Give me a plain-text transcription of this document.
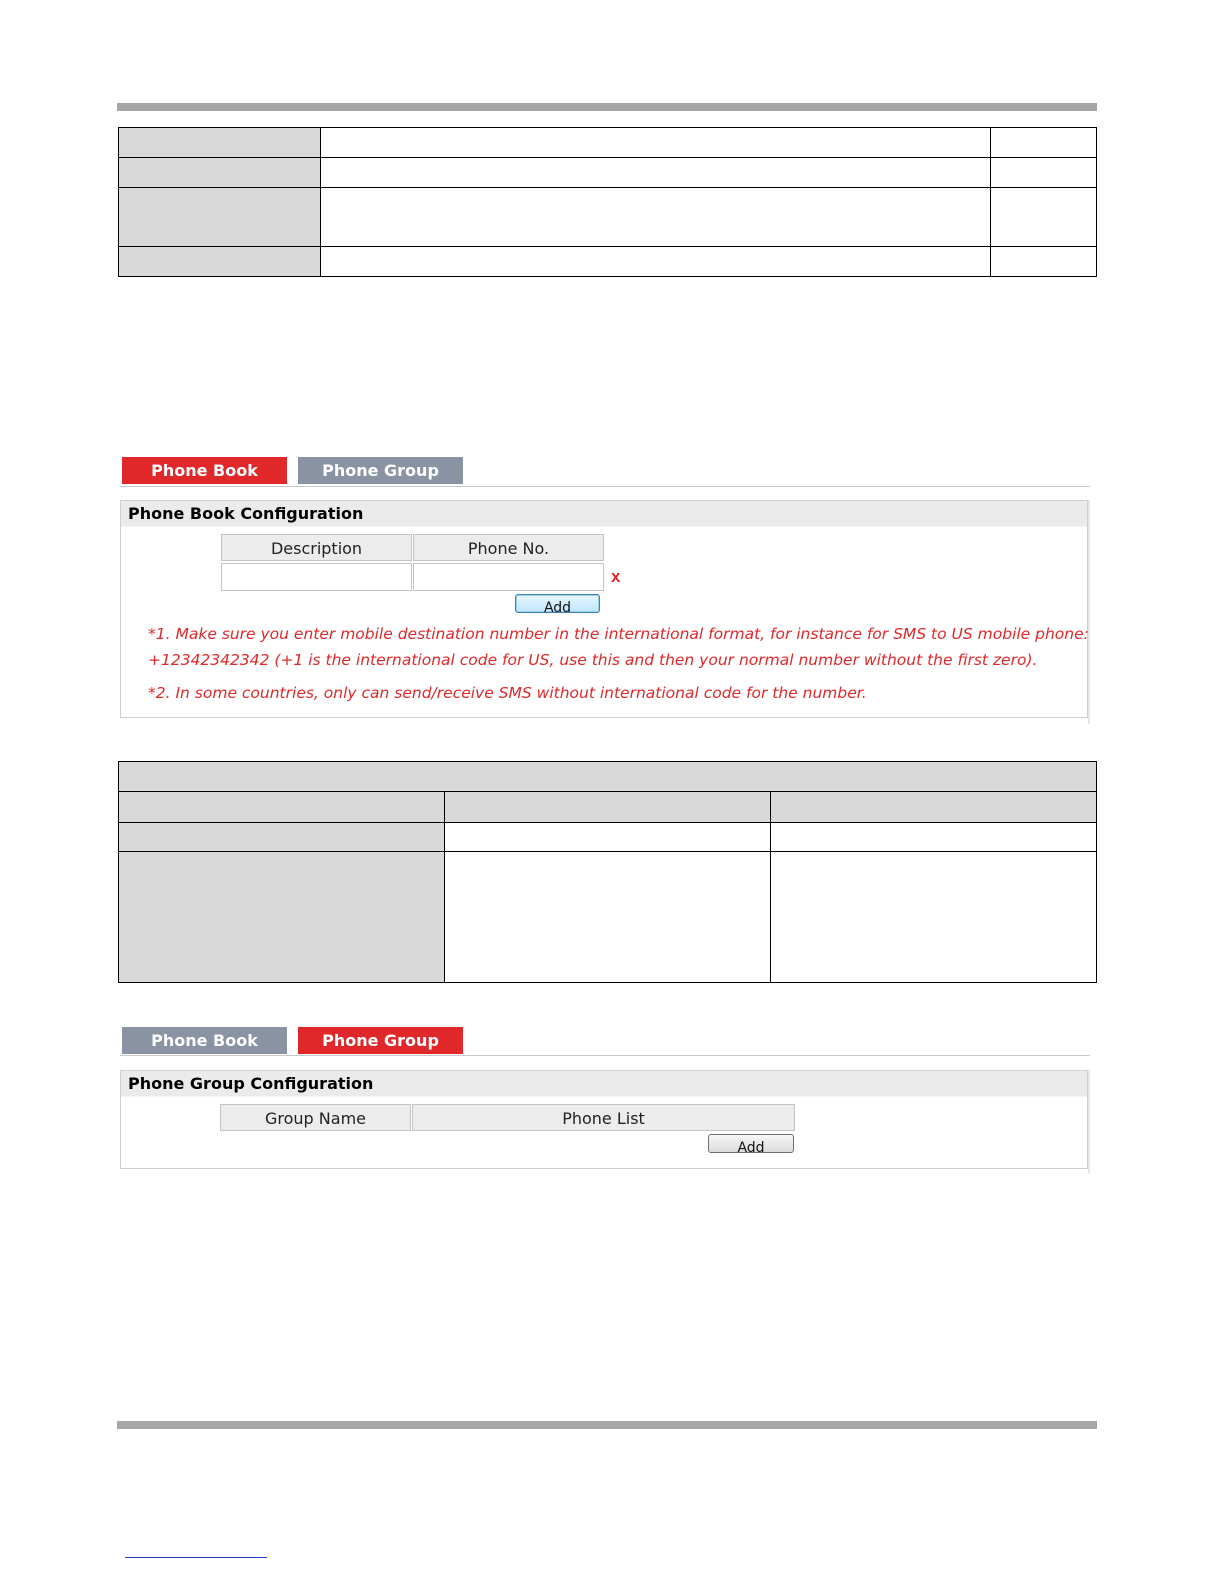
Phone Book	Phone Group
Phone Book Configuration
Description	Phone No.
x
Add
*1. Make sure you enter mobile destination number in the international format, for instance for SMS to US mobile phone:
+12342342342 (+1 is the international code for US, use this and then your normal number without the first zero).
*2. In some countries, only can send/receive SMS without international code for the number.

Phone Book	Phone Group
Phone Group Configuration
Group Name	Phone List
Add
